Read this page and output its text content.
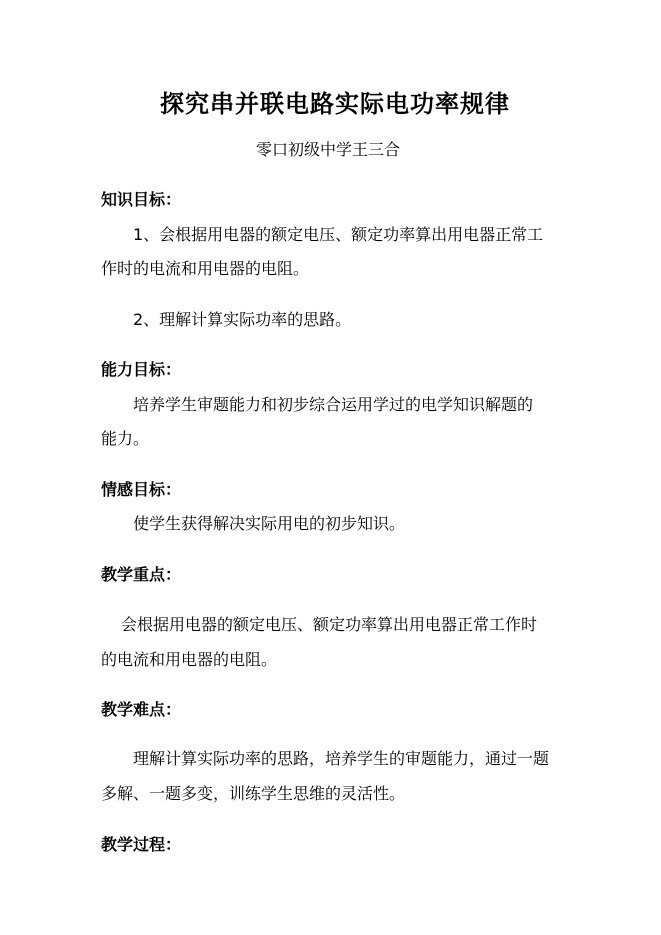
探究串并联电路实际电功率规律
零口初级中学王三合
知识目标：
1、会根据用电器的额定电压、额定功率算出用电器正常工
作时的电流和用电器的电阻。
2、理解计算实际功率的思路。
能力目标：
培养学生审题能力和初步综合运用学过的电学知识解题的
能力。
情感目标：
使学生获得解决实际用电的初步知识。
教学重点：
会根据用电器的额定电压、额定功率算出用电器正常工作时
的电流和用电器的电阻。
教学难点：
理解计算实际功率的思路，培养学生的审题能力，通过一题
多解、一题多变，训练学生思维的灵活性。
教学过程：
